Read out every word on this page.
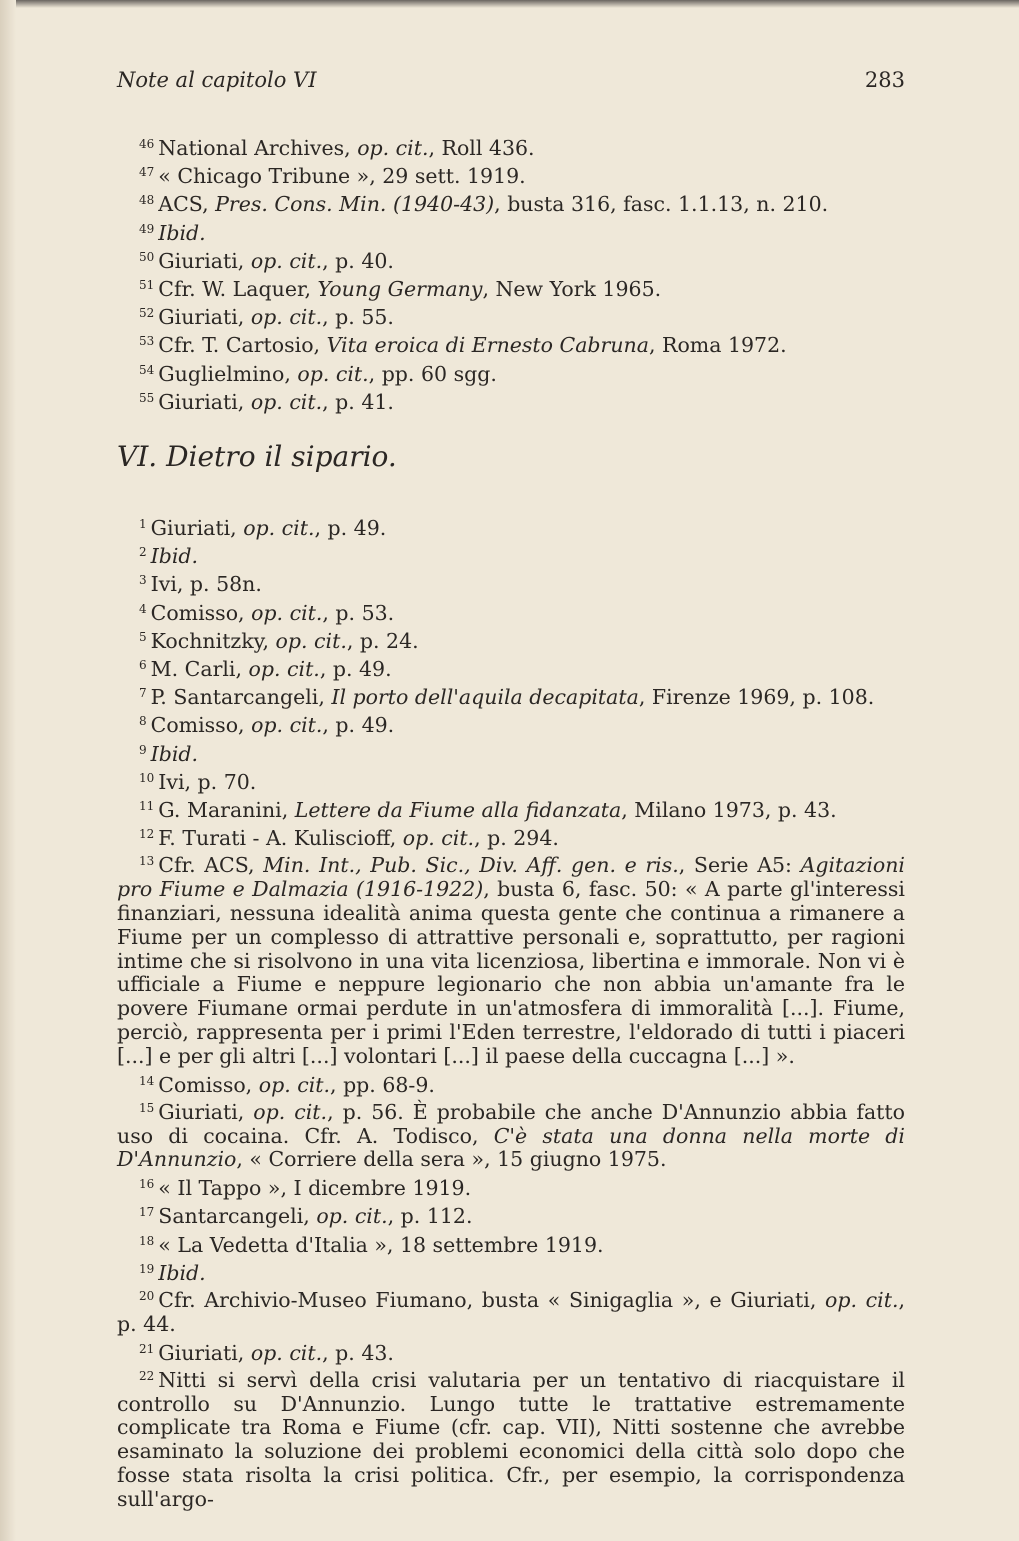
Note al capitolo VI	283
$^{46}$ National Archives, op. cit., Roll 436.
$^{47}$ « Chicago Tribune », 29 sett. 1919.
$^{48}$ ACS, Pres. Cons. Min. (1940-43), busta 316, fasc. 1.1.13, n. 210.
$^{49}$ Ibid.
$^{50}$ Giuriati, op. cit., p. 40.
$^{51}$ Cfr. W. Laquer, Young Germany, New York 1965.
$^{52}$ Giuriati, op. cit., p. 55.
$^{53}$ Cfr. T. Cartosio, Vita eroica di Ernesto Cabruna, Roma 1972.
$^{54}$ Guglielmino, op. cit., pp. 60 sgg.
$^{55}$ Giuriati, op. cit., p. 41.
VI. Dietro il sipario.
$^1$ Giuriati, op. cit., p. 49.
$^2$ Ibid.
$^3$ Ivi, p. 58n.
$^4$ Comisso, op. cit., p. 53.
$^5$ Kochnitzky, op. cit., p. 24.
$^6$ M. Carli, op. cit., p. 49.
$^7$ P. Santarcangeli, Il porto dell'aquila decapitata, Firenze 1969, p. 108.
$^8$ Comisso, op. cit., p. 49.
$^9$ Ibid.
$^{10}$ Ivi, p. 70.
$^{11}$ G. Maranini, Lettere da Fiume alla fidanzata, Milano 1973, p. 43.
$^{12}$ F. Turati - A. Kuliscioff, op. cit., p. 294.
$^{13}$ Cfr. ACS, Min. Int., Pub. Sic., Div. Aff. gen. e ris., Serie A5: Agitazioni pro Fiume e Dalmazia (1916-1922), busta 6, fasc. 50: « A parte gl'interessi finanziari, nessuna idealità anima questa gente che continua a rimanere a Fiume per un complesso di attrattive personali e, soprattutto, per ragioni intime che si risolvono in una vita licenziosa, libertina e immorale. Non vi è ufficiale a Fiume e neppure legionario che non abbia un'amante fra le povere Fiumane ormai perdute in un'atmosfera di immoralità [...]. Fiume, perciò, rappresenta per i primi l'Eden terrestre, l'eldorado di tutti i piaceri [...] e per gli altri [...] volontari [...] il paese della cuccagna [...] ».
$^{14}$ Comisso, op. cit., pp. 68-9.
$^{15}$ Giuriati, op. cit., p. 56. È probabile che anche D'Annunzio abbia fatto uso di cocaina. Cfr. A. Todisco, C'è stata una donna nella morte di D'Annunzio, « Corriere della sera », 15 giugno 1975.
$^{16}$ « Il Tappo », I dicembre 1919.
$^{17}$ Santarcangeli, op. cit., p. 112.
$^{18}$ « La Vedetta d'Italia », 18 settembre 1919.
$^{19}$ Ibid.
$^{20}$ Cfr. Archivio-Museo Fiumano, busta « Sinigaglia », e Giuriati, op. cit., p. 44.
$^{21}$ Giuriati, op. cit., p. 43.
$^{22}$ Nitti si servì della crisi valutaria per un tentativo di riacquistare il controllo su D'Annunzio. Lungo tutte le trattative estremamente complicate tra Roma e Fiume (cfr. cap. VII), Nitti sostenne che avrebbe esaminato la soluzione dei problemi economici della città solo dopo che fosse stata risolta la crisi politica. Cfr., per esempio, la corrispondenza sull'argo-
